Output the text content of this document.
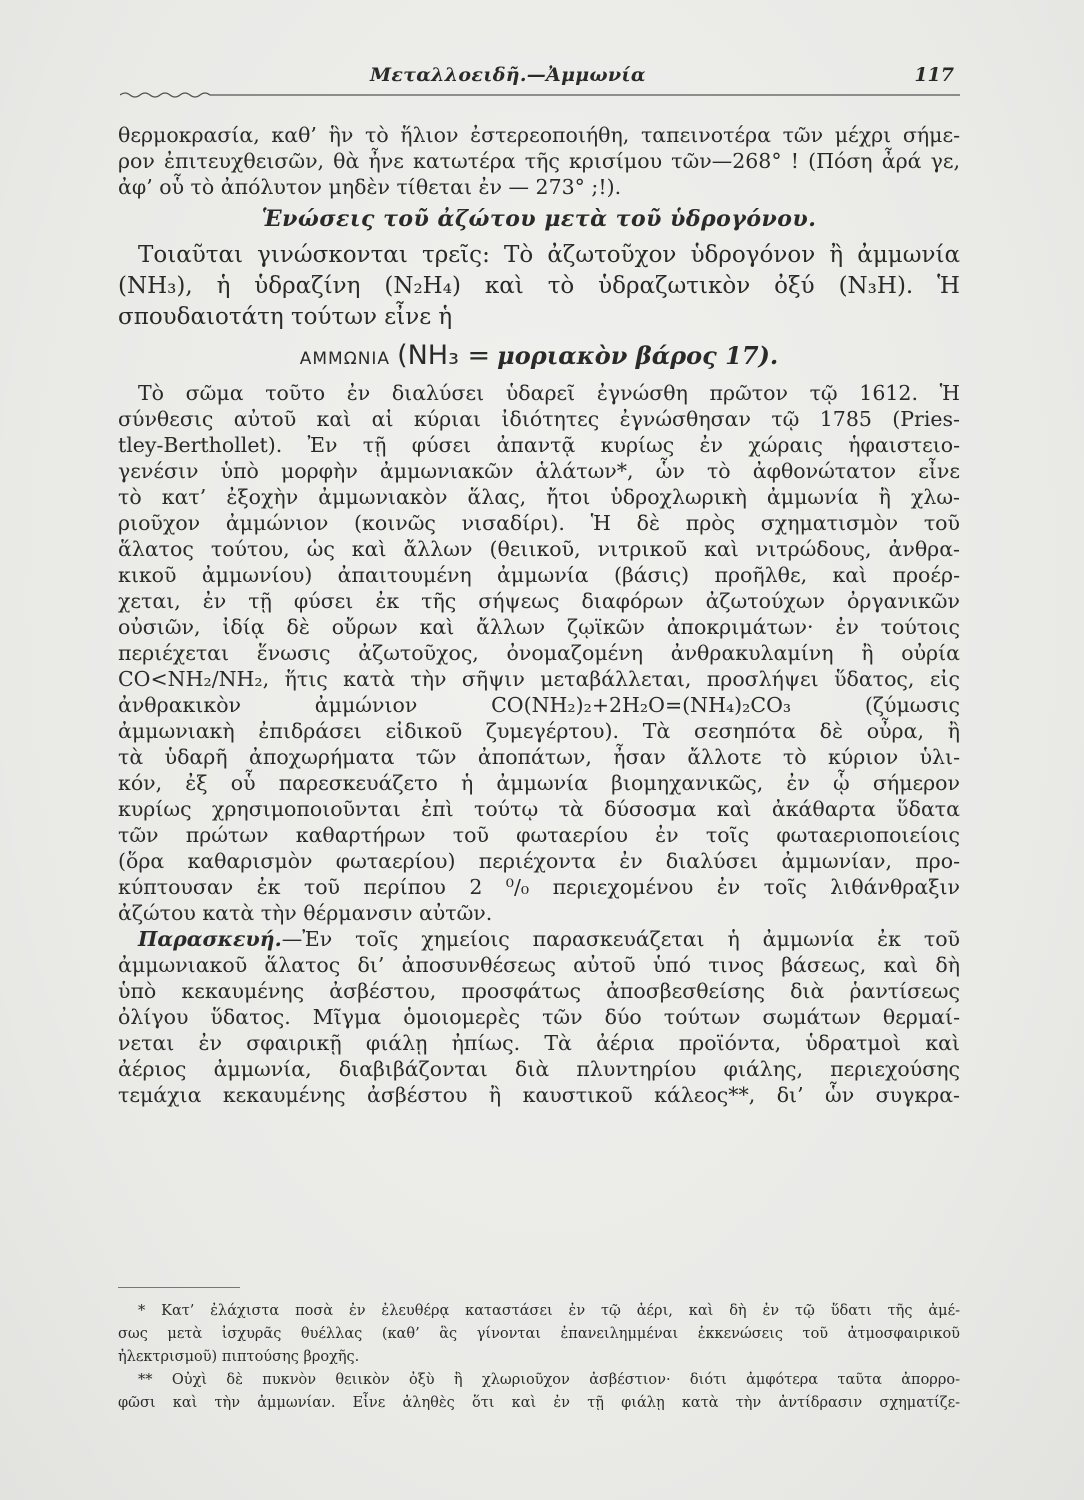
Μεταλλοειδῆ.—Ἀμμωνία	117
θερμοκρασία, καθ’ ἣν τὸ ἥλιον ἐστερεοποιήθη, ταπεινοτέρα τῶν μέχρι σήμε-
ρον ἐπιτευχθεισῶν, θὰ ἦνε κατωτέρα τῆς κρισίμου τῶν—268° ! (Πόση ἆρά γε,
ἀφ’ οὗ τὸ ἀπόλυτον μηδὲν τίθεται ἐν — 273° ;!).
Ἑνώσεις τοῦ ἀζώτου μετὰ τοῦ ὑδρογόνου.
Τοιαῦται γινώσκονται τρεῖς: Τὸ ἀζωτοῦχον ὑδρογόνον ἢ ἀμμωνία
(NH₃), ἡ ὑδραζίνη (N₂H₄) καὶ τὸ ὑδραζωτικὸν ὀξύ (N₃H). Ἡ
σπουδαιοτάτη τούτων εἶνε ἡ
ΑΜΜΩΝΙΑ (NH₃ = μοριακὸν βάρος 17).
Τὸ σῶμα τοῦτο ἐν διαλύσει ὑδαρεῖ ἐγνώσθη πρῶτον τῷ 1612. Ἡ
σύνθεσις αὐτοῦ καὶ αἱ κύριαι ἰδιότητες ἐγνώσθησαν τῷ 1785 (Pries-
tley-Berthollet). Ἐν τῇ φύσει ἀπαντᾷ κυρίως ἐν χώραις ἡφαιστειο-
γενέσιν ὑπὸ μορφὴν ἀμμωνιακῶν ἁλάτων*, ὧν τὸ ἀφθονώτατον εἶνε
τὸ κατ’ ἐξοχὴν ἀμμωνιακὸν ἅλας, ἤτοι ὑδροχλωρικὴ ἀμμωνία ἢ χλω-
ριοῦχον ἀμμώνιον (κοινῶς νισαδίρι). Ἡ δὲ πρὸς σχηματισμὸν τοῦ
ἅλατος τούτου, ὡς καὶ ἄλλων (θειικοῦ, νιτρικοῦ καὶ νιτρώδους, ἀνθρα-
κικοῦ ἀμμωνίου) ἀπαιτουμένη ἀμμωνία (βάσις) προῆλθε, καὶ προέρ-
χεται, ἐν τῇ φύσει ἐκ τῆς σήψεως διαφόρων ἀζωτούχων ὀργανικῶν
οὐσιῶν, ἰδίᾳ δὲ οὔρων καὶ ἄλλων ζῳϊκῶν ἀποκριμάτων· ἐν τούτοις
περιέχεται ἕνωσις ἀζωτοῦχος, ὀνομαζομένη ἀνθρακυλαμίνη ἢ οὐρία
CO<NH₂/NH₂, ἥτις κατὰ τὴν σῆψιν μεταβάλλεται, προσλήψει ὕδατος, εἰς
ἀνθρακικὸν ἀμμώνιον CO(NH₂)₂+2H₂O=(NH₄)₂CO₃ (ζύμωσις
ἀμμωνιακὴ ἐπιδράσει εἰδικοῦ ζυμεγέρτου). Τὰ σεσηπότα δὲ οὖρα, ἢ
τὰ ὑδαρῆ ἀποχωρήματα τῶν ἀποπάτων, ἦσαν ἄλλοτε τὸ κύριον ὑλι-
κόν, ἐξ οὗ παρεσκευάζετο ἡ ἀμμωνία βιομηχανικῶς, ἐν ᾧ σήμερον
κυρίως χρησιμοποιοῦνται ἐπὶ τούτῳ τὰ δύσοσμα καὶ ἀκάθαρτα ὕδατα
τῶν πρώτων καθαρτήρων τοῦ φωταερίου ἐν τοῖς φωταεριοποιείοις
(ὅρα καθαρισμὸν φωταερίου) περιέχοντα ἐν διαλύσει ἀμμωνίαν, προ-
κύπτουσαν ἐκ τοῦ περίπου 2 ⁰/₀ περιεχομένου ἐν τοῖς λιθάνθραξιν
ἀζώτου κατὰ τὴν θέρμανσιν αὐτῶν.
Παρασκευή.—Ἐν τοῖς χημείοις παρασκευάζεται ἡ ἀμμωνία ἐκ τοῦ
ἀμμωνιακοῦ ἅλατος δι’ ἀποσυνθέσεως αὐτοῦ ὑπό τινος βάσεως, καὶ δὴ
ὑπὸ κεκαυμένης ἀσβέστου, προσφάτως ἀποσβεσθείσης διὰ ῥαντίσεως
ὀλίγου ὕδατος. Μῖγμα ὁμοιομερὲς τῶν δύο τούτων σωμάτων θερμαί-
νεται ἐν σφαιρικῇ φιάλῃ ἠπίως. Τὰ ἀέρια προϊόντα, ὑδρατμοὶ καὶ
ἀέριος ἀμμωνία, διαβιβάζονται διὰ πλυντηρίου φιάλης, περιεχούσης
τεμάχια κεκαυμένης ἀσβέστου ἢ καυστικοῦ κάλεος**, δι’ ὧν συγκρα-
* Κατ’ ἐλάχιστα ποσὰ ἐν ἐλευθέρᾳ καταστάσει ἐν τῷ ἀέρι, καὶ δὴ ἐν τῷ ὕδατι τῆς ἀμέ-
σως μετὰ ἰσχυρᾶς θυέλλας (καθ’ ἃς γίνονται ἐπανειλημμέναι ἐκκενώσεις τοῦ ἀτμοσφαιρικοῦ
ἠλεκτρισμοῦ) πιπτούσης βροχῆς.
** Οὐχὶ δὲ πυκνὸν θειικὸν ὀξὺ ἢ χλωριοῦχον ἀσβέστιον· διότι ἀμφότερα ταῦτα ἀπορρο-
φῶσι καὶ τὴν ἀμμωνίαν. Εἶνε ἀληθὲς ὅτι καὶ ἐν τῇ φιάλῃ κατὰ τὴν ἀντίδρασιν σχηματίζε-
